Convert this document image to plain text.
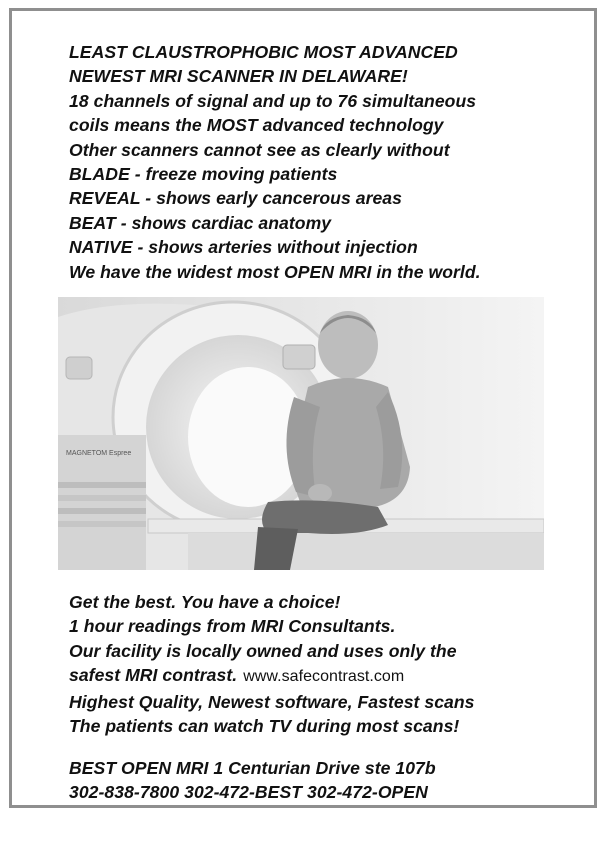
LEAST CLAUSTROPHOBIC MOST ADVANCED
NEWEST MRI SCANNER IN DELAWARE!
18 channels of signal and up to 76 simultaneous
coils means the MOST advanced technology
Other scanners cannot see as clearly without
BLADE - freeze moving patients
REVEAL - shows early cancerous areas
BEAT - shows cardiac anatomy
NATIVE - shows arteries without injection
We have the widest most OPEN MRI in the world.
MAGNETOM Espree
Get the best. You have a choice!
1 hour readings from MRI Consultants.
Our facility is locally owned and uses only the
safest MRI contrast. www.safecontrast.com
Highest Quality, Newest software, Fastest scans
The patients can watch TV during most scans!
BEST OPEN MRI 1 Centurian Drive ste 107b
302-838-7800 302-472-BEST 302-472-OPEN
